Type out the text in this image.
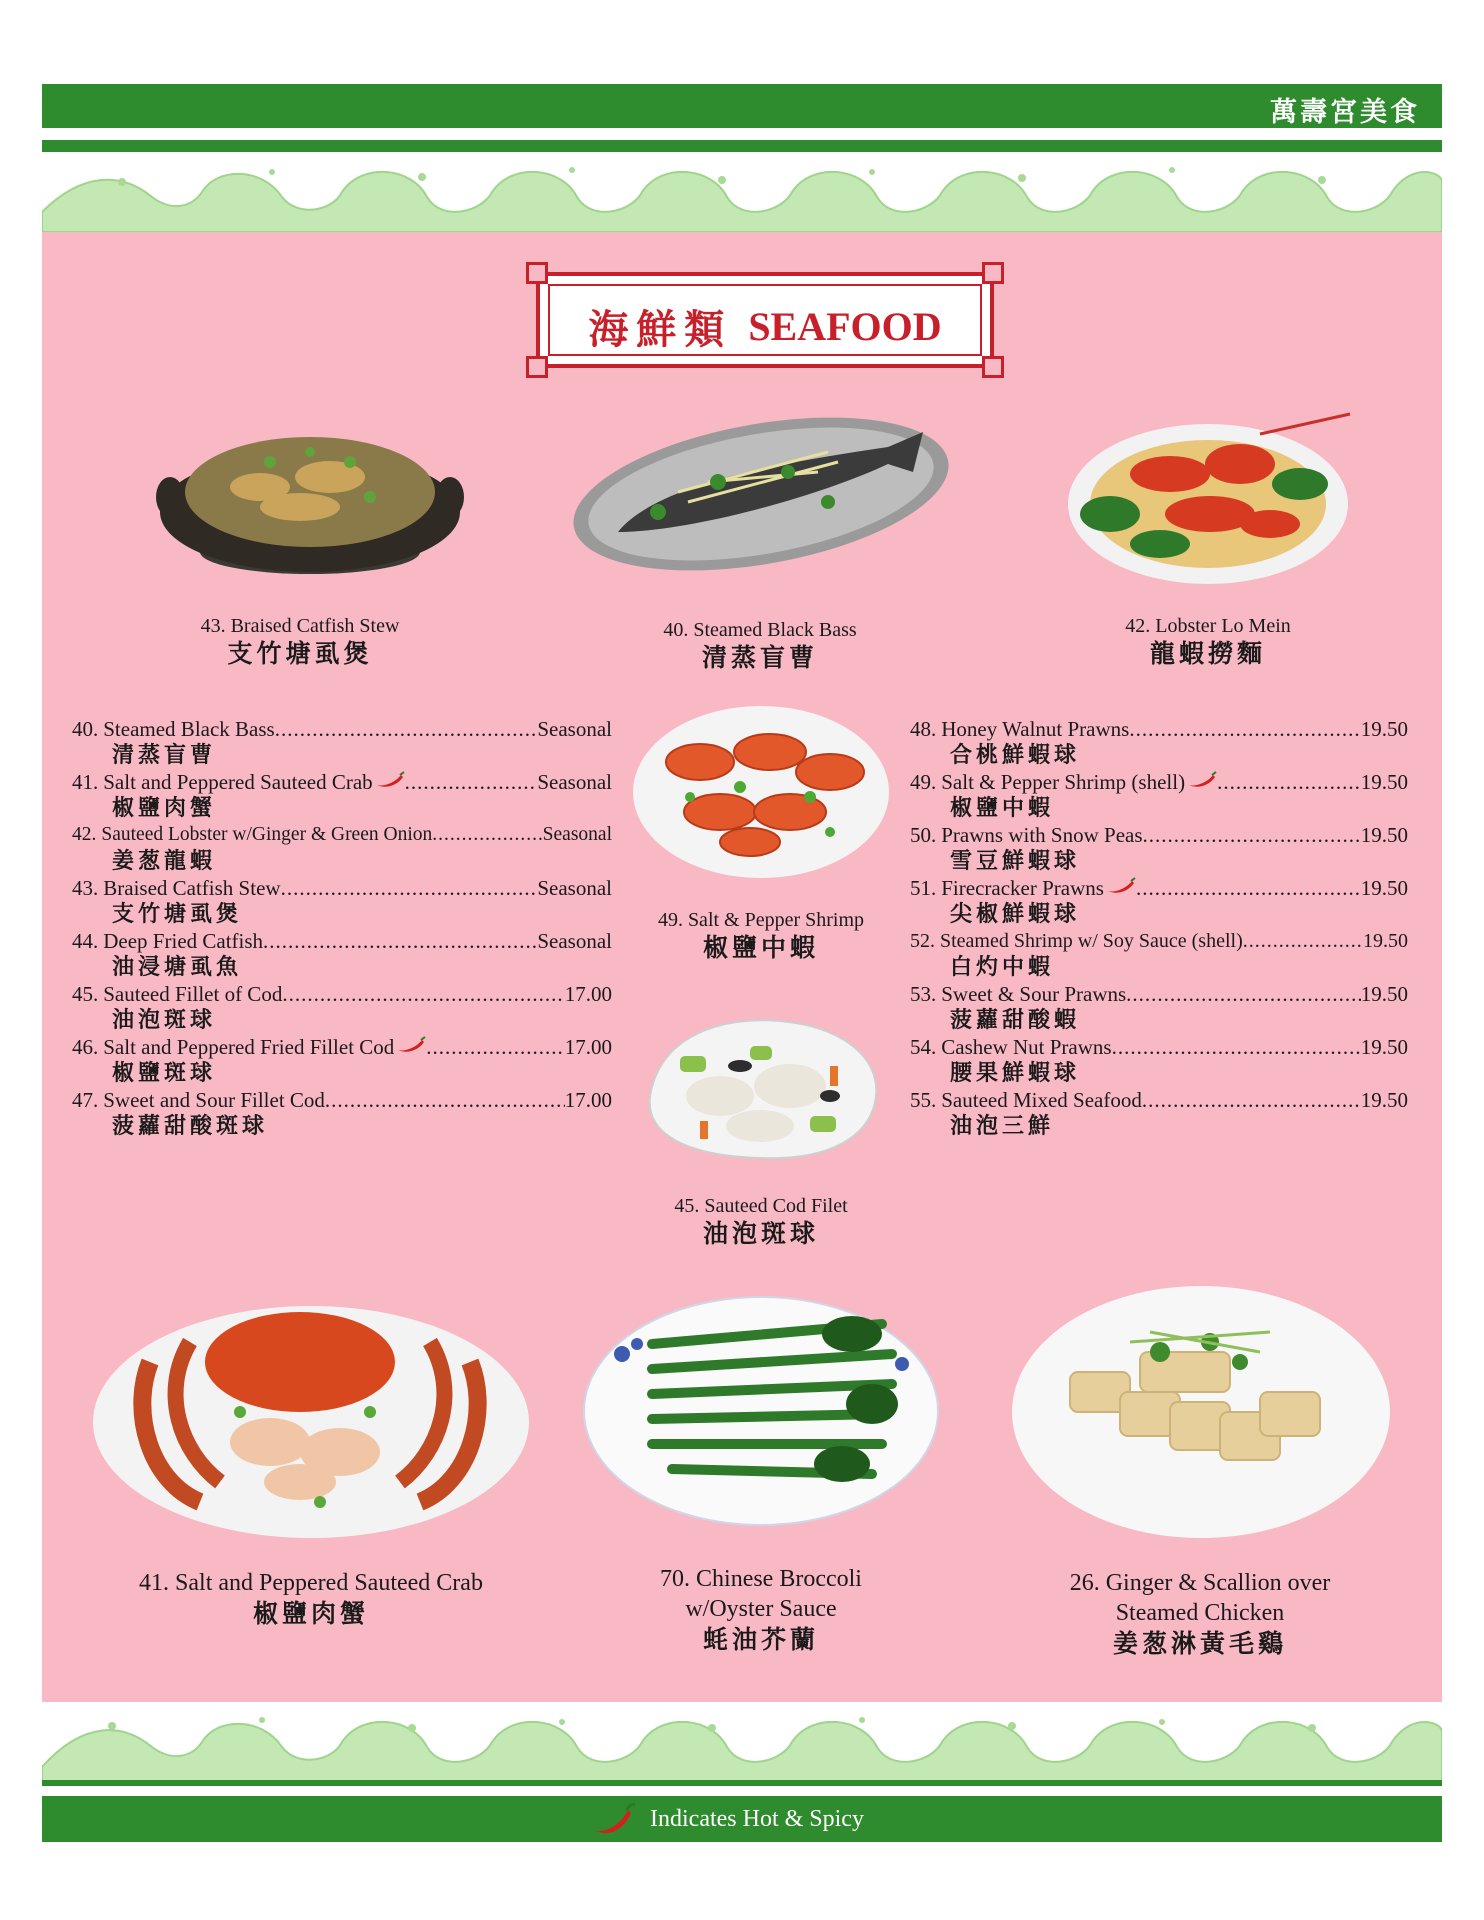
萬壽宮美食
海鮮類 SEAFOOD
43. Braised Catfish Stew
支竹塘虱煲
40. Steamed Black Bass
清蒸盲曹
42. Lobster Lo Mein
龍蝦撈麵
40. Steamed Black Bass .....	Seasonal
清蒸盲曹
41. Salt and Peppered Sauteed Crab .....	Seasonal
椒鹽肉蟹
42. Sauteed Lobster w/Ginger & Green Onion .....	Seasonal
姜葱龍蝦
43. Braised Catfish Stew .....	Seasonal
支竹塘虱煲
44. Deep Fried Catfish .....	Seasonal
油浸塘虱魚
45. Sauteed Fillet of Cod .....	17.00
油泡斑球
46. Salt and Peppered Fried Fillet Cod .....	17.00
椒鹽斑球
47. Sweet and Sour Fillet Cod .....	17.00
菠蘿甜酸斑球
49. Salt & Pepper Shrimp
椒鹽中蝦
45. Sauteed Cod Filet
油泡斑球
48. Honey Walnut Prawns .....	19.50
合桃鮮蝦球
49. Salt & Pepper Shrimp (shell) .....	19.50
椒鹽中蝦
50. Prawns with Snow Peas .....	19.50
雪豆鮮蝦球
51. Firecracker Prawns .....	19.50
尖椒鮮蝦球
52. Steamed Shrimp w/ Soy Sauce (shell) .....	19.50
白灼中蝦
53. Sweet & Sour Prawns .....	19.50
菠蘿甜酸蝦
54. Cashew Nut Prawns .....	19.50
腰果鮮蝦球
55. Sauteed Mixed Seafood .....	19.50
油泡三鮮
41. Salt and Peppered Sauteed Crab
椒鹽肉蟹
70. Chinese Broccoli
w/Oyster Sauce
蚝油芥蘭
26. Ginger & Scallion over
Steamed Chicken
姜葱淋黃毛鷄
Indicates Hot & Spicy
